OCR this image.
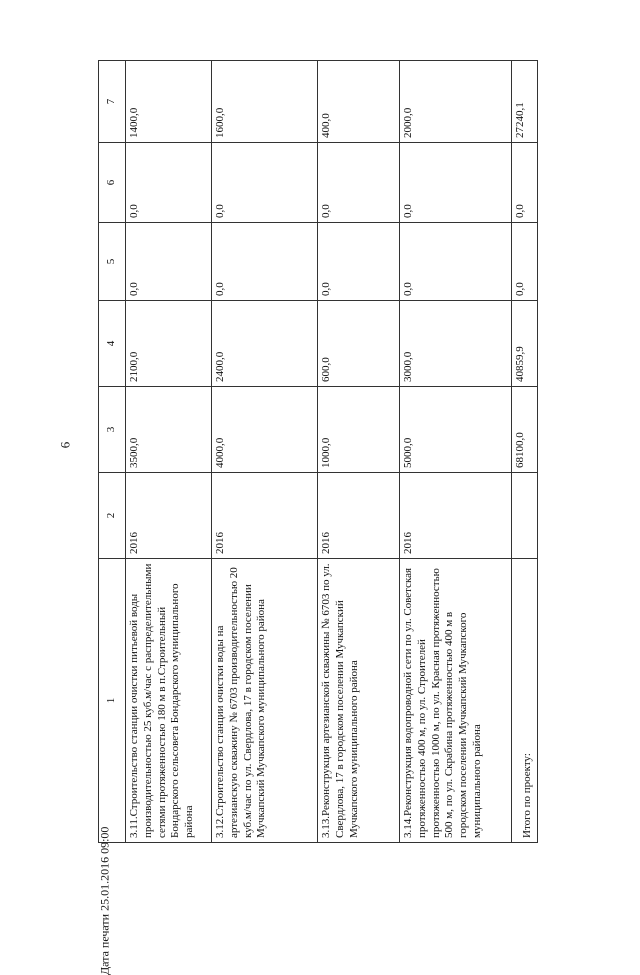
6
1	2	3	4	5	6	7
3.11.Строительство станции очистки питьевой воды производительностью 25 куб.м/час с распределительными сетями протяженностью 180 м в п.Строительный Бондарского сельсовета Бондарского муниципального района	2016	3500,0	2100,0	0,0	0,0	1400,0
3.12.Строительство станции очистки воды на артезианскую скважину № 6703 производительностью 20 куб.м/час по ул. Свердлова, 17 в городском поселении Мучкапский Мучкапского муниципального района	2016	4000,0	2400,0	0,0	0,0	1600,0
3.13.Реконструкция артезианской скважины № 6703 по ул. Свердлова, 17 в городском поселении Мучкапский Мучкапского муниципального района	2016	1000,0	600,0	0,0	0,0	400,0
3.14.Реконструкция водопроводной сети по ул. Советская протяженностью 400 м, по ул. Строителей протяженностью 1000 м, по ул. Красная протяженностью 500 м, по ул. Скрабина протяженностью 400 м в городском поселении Мучкапский Мучкапского муниципального района	2016	5000,0	3000,0	0,0	0,0	2000,0
Итого по проекту:		68100,0	40859,9	0,0	0,0	27240,1
Дата печати 25.01.2016 09:00
